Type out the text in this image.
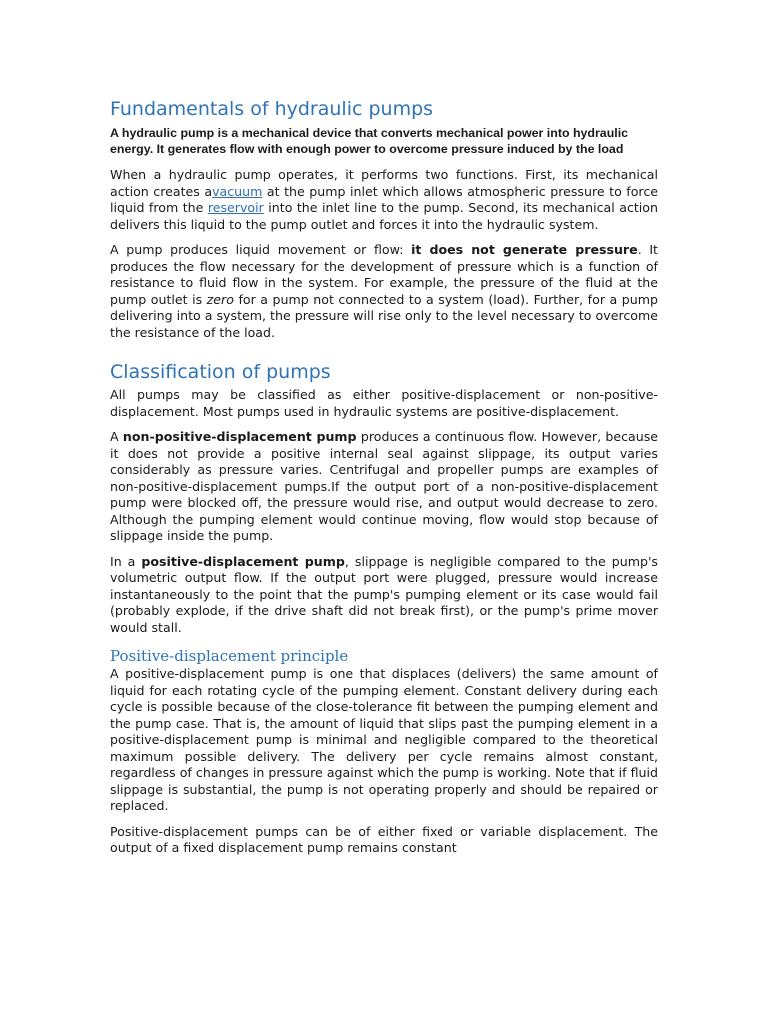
Fundamentals of hydraulic pumps
A hydraulic pump is a mechanical device that converts mechanical power into hydraulic energy. It generates flow with enough power to overcome pressure induced by the load

When a hydraulic pump operates, it performs two functions. First, its mechanical action creates avacuum at the pump inlet which allows atmospheric pressure to force liquid from the reservoir into the inlet line to the pump. Second, its mechanical action delivers this liquid to the pump outlet and forces it into the hydraulic system.

A pump produces liquid movement or flow: it does not generate pressure. It produces the flow necessary for the development of pressure which is a function of resistance to fluid flow in the system. For example, the pressure of the fluid at the pump outlet is zero for a pump not connected to a system (load). Further, for a pump delivering into a system, the pressure will rise only to the level necessary to overcome the resistance of the load.

Classification of pumps

All pumps may be classified as either positive-displacement or non-positive-displacement. Most pumps used in hydraulic systems are positive-displacement.

A non-positive-displacement pump produces a continuous flow. However, because it does not provide a positive internal seal against slippage, its output varies considerably as pressure varies. Centrifugal and propeller pumps are examples of non-positive-displacement pumps.If the output port of a non-positive-displacement pump were blocked off, the pressure would rise, and output would decrease to zero. Although the pumping element would continue moving, flow would stop because of slippage inside the pump.

In a positive-displacement pump, slippage is negligible compared to the pump's volumetric output flow. If the output port were plugged, pressure would increase instantaneously to the point that the pump's pumping element or its case would fail (probably explode, if the drive shaft did not break first), or the pump's prime mover would stall.

Positive-displacement principle

A positive-displacement pump is one that displaces (delivers) the same amount of liquid for each rotating cycle of the pumping element. Constant delivery during each cycle is possible because of the close-tolerance fit between the pumping element and the pump case. That is, the amount of liquid that slips past the pumping element in a positive-displacement pump is minimal and negligible compared to the theoretical maximum possible delivery. The delivery per cycle remains almost constant, regardless of changes in pressure against which the pump is working. Note that if fluid slippage is substantial, the pump is not operating properly and should be repaired or replaced.

Positive-displacement pumps can be of either fixed or variable displacement. The output of a fixed displacement pump remains constant
